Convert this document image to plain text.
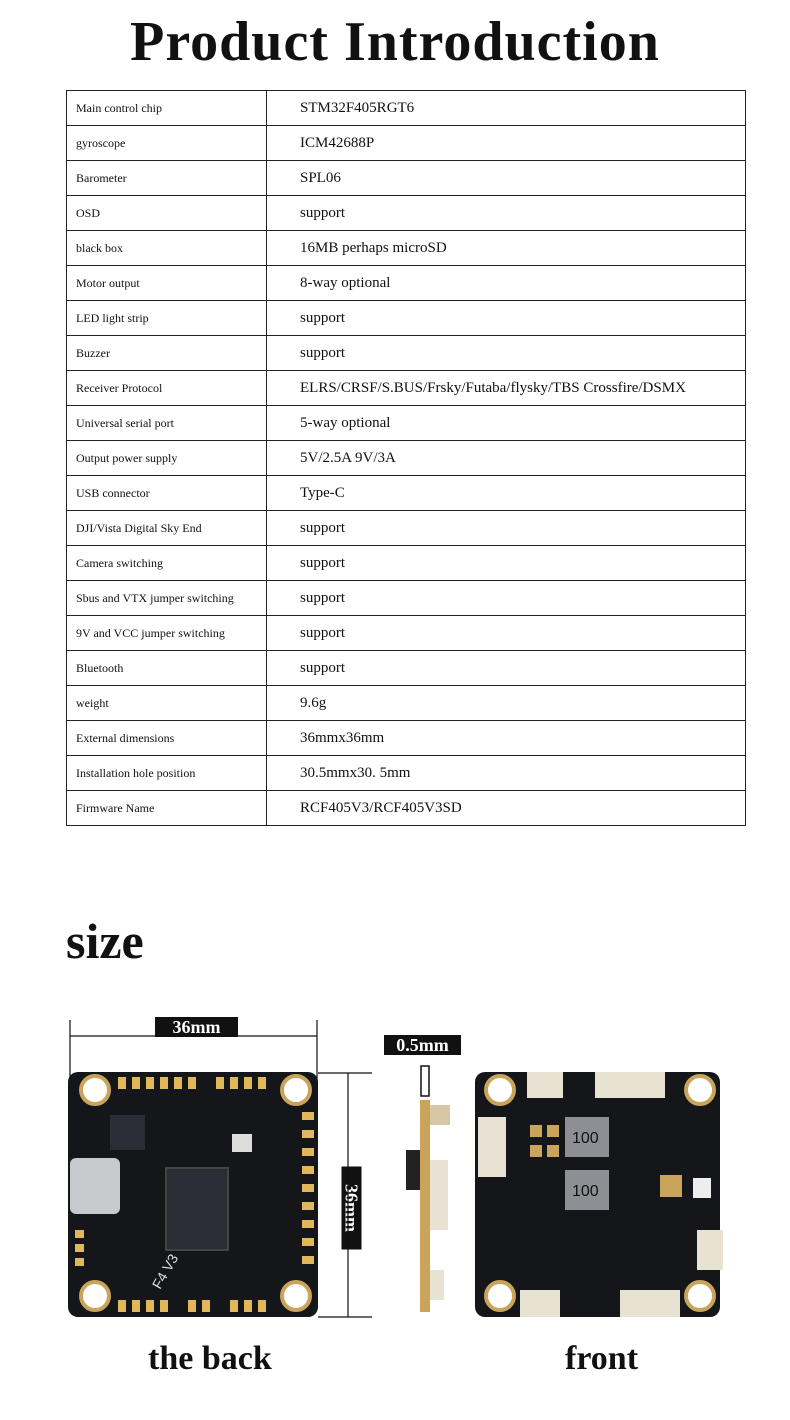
Product Introduction
Main control chip	STM32F405RGT6
gyroscope	ICM42688P
Barometer	SPL06
OSD	support
black box	16MB perhaps microSD
Motor output	8-way optional
LED light strip	support
Buzzer	support
Receiver Protocol	ELRS/CRSF/S.BUS/Frsky/Futaba/flysky/TBS Crossfire/DSMX
Universal serial port	5-way optional
Output power supply	5V/2.5A 9V/3A
USB connector	Type-C
DJI/Vista Digital Sky End	support
Camera switching	support
Sbus and VTX jumper switching	support
9V and VCC jumper switching	support
Bluetooth	support
weight	9.6g
External dimensions	36mmx36mm
Installation hole position	30.5mmx30. 5mm
Firmware Name	RCF405V3/RCF405V3SD
size
36mm
0.5mm
36mm
F4 V3
100
100
the back	front
